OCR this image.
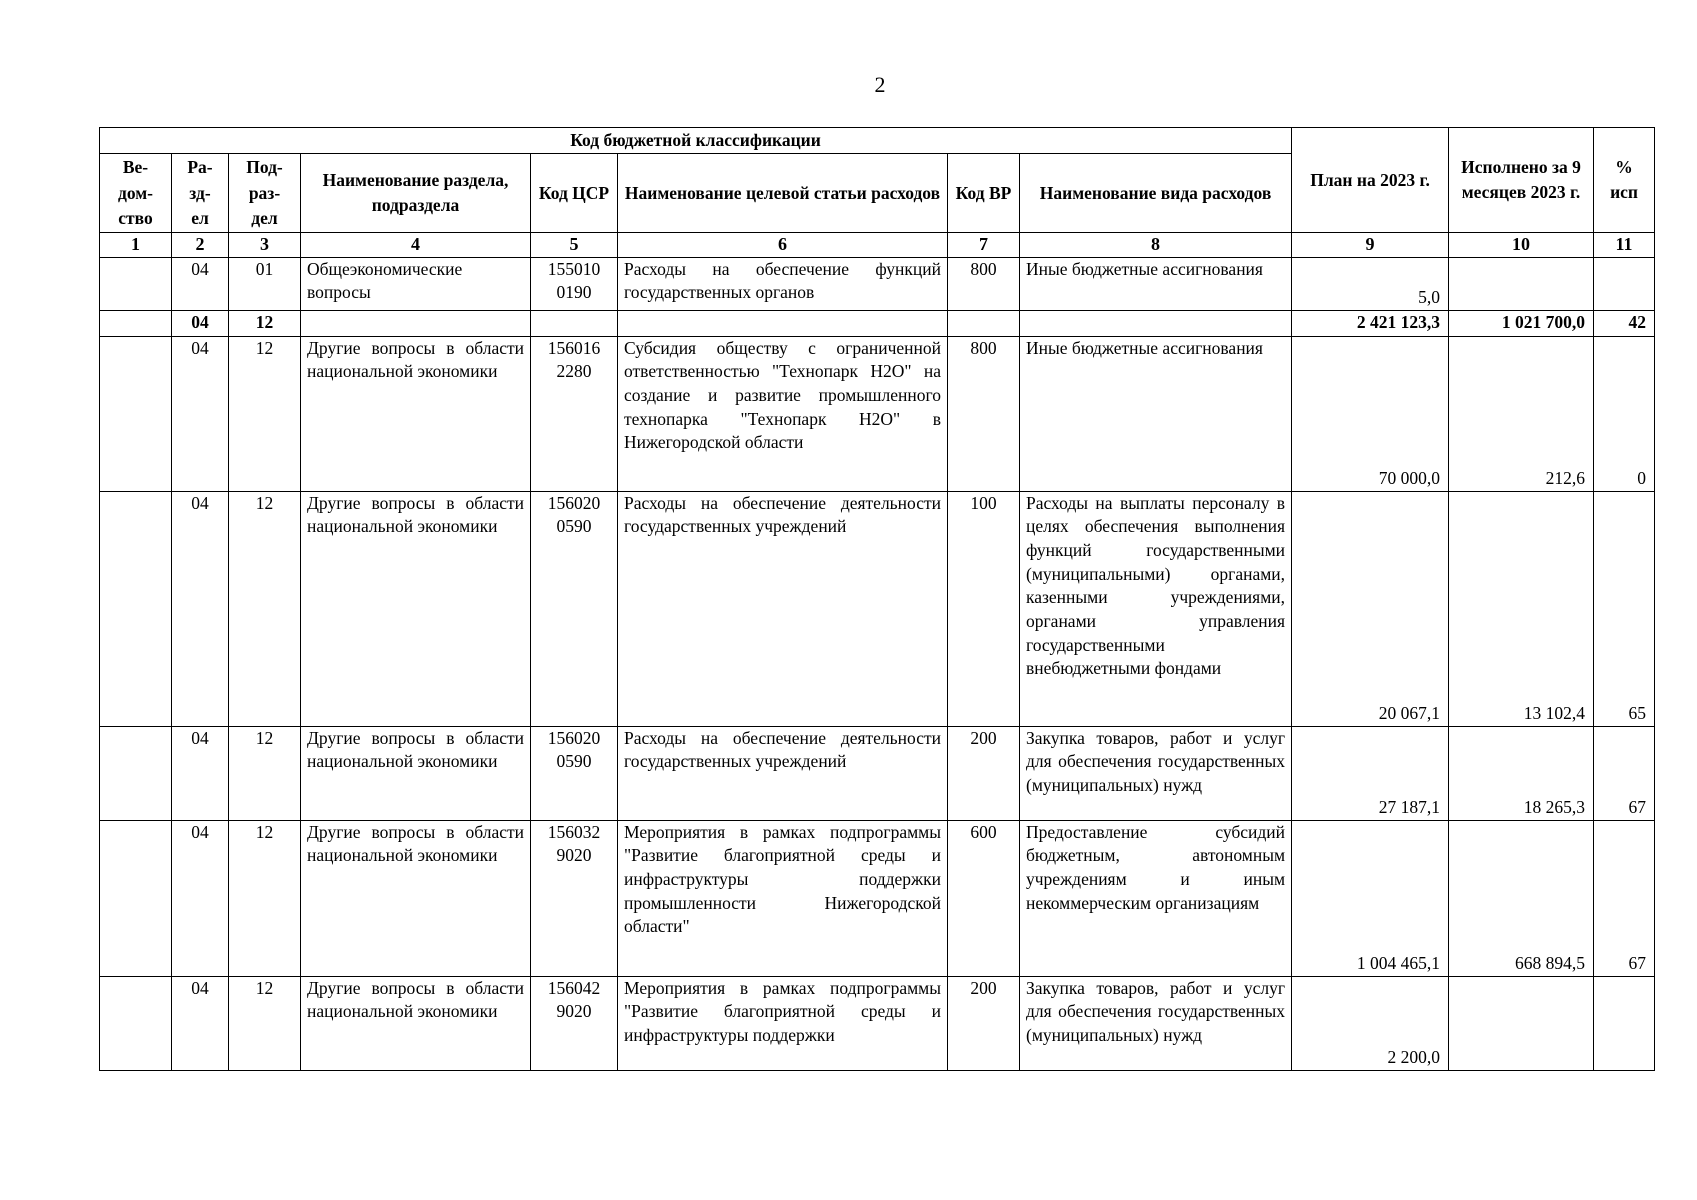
2
Код бюджетной классификации								План на 2023 г.	Исполнено за 9 месяцев 2023 г.	% исп
Ве-
дом-
ство	Ра-
зд-
ел	Под-
раз-
дел	Наименование раздела, подраздела	Код ЦСР	Наименование целевой статьи расходов	Код ВР	Наименование вида расходов			
1	2	3	4	5	6	7	8	9	10	11
	04	01	Общеэкономические вопросы	155010
0190	Расходы на обеспечение функций государственных органов	800	Иные бюджетные ассигнования	5,0		
	04	12						2 421 123,3	1 021 700,0	42
	04	12	Другие вопросы в области национальной экономики	156016
2280	Субсидия обществу с ограниченной ответственностью "Технопарк Н2О" на создание и развитие промышленного технопарка "Технопарк Н2О" в Нижегородской области	800	Иные бюджетные ассигнования	70 000,0	212,6	0
	04	12	Другие вопросы в области национальной экономики	156020
0590	Расходы на обеспечение деятельности государственных учреждений	100	Расходы на выплаты персоналу в целях обеспечения выполнения функций государственными (муниципальными) органами, казенными учреждениями, органами управления государственными внебюджетными фондами	20 067,1	13 102,4	65
	04	12	Другие вопросы в области национальной экономики	156020
0590	Расходы на обеспечение деятельности государственных учреждений	200	Закупка товаров, работ и услуг для обеспечения государственных (муниципальных) нужд	27 187,1	18 265,3	67
	04	12	Другие вопросы в области национальной экономики	156032
9020	Мероприятия в рамках подпрограммы "Развитие благоприятной среды и инфраструктуры поддержки промышленности Нижегородской области"	600	Предоставление субсидий бюджетным, автономным учреждениям и иным некоммерческим организациям	1 004 465,1	668 894,5	67
	04	12	Другие вопросы в области национальной экономики	156042
9020	Мероприятия в рамках подпрограммы "Развитие благоприятной среды и инфраструктуры поддержки	200	Закупка товаров, работ и услуг для обеспечения государственных (муниципальных) нужд	2 200,0		
